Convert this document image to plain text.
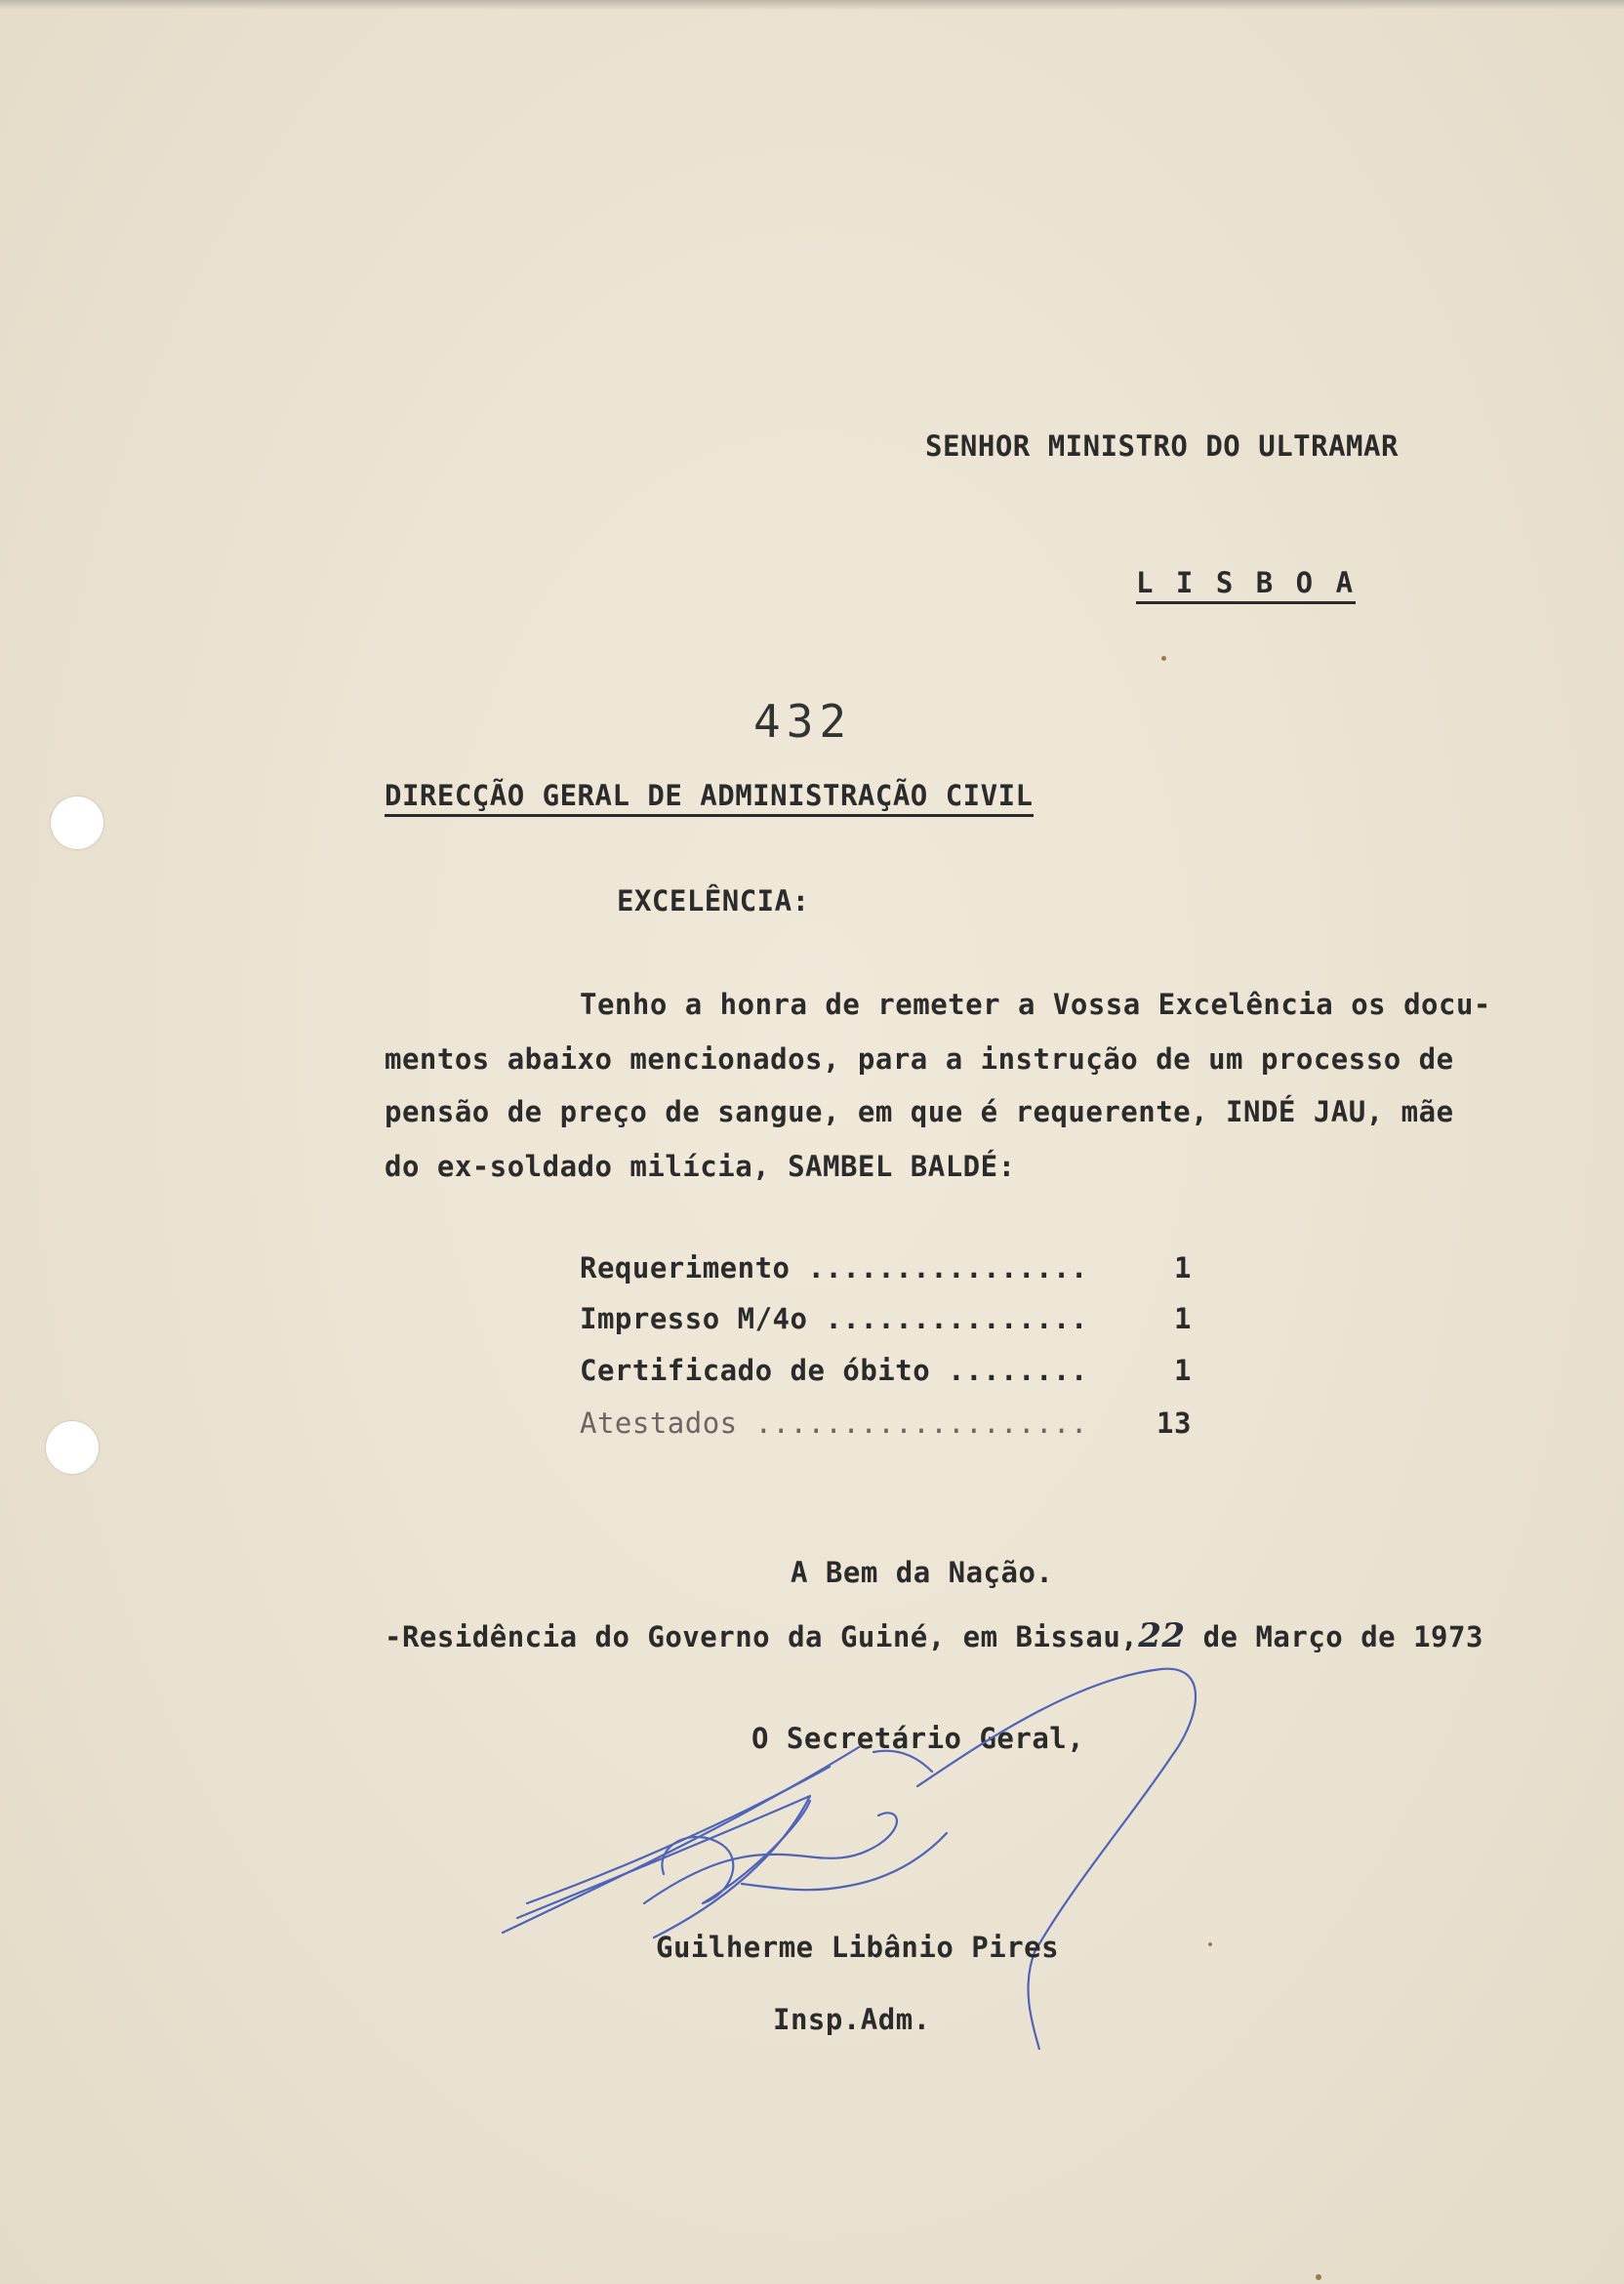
SENHOR MINISTRO DO ULTRAMAR
L I S B O A
432
DIRECÇÃO GERAL DE ADMINISTRAÇÃO CIVIL
EXCELÊNCIA:
Tenho a honra de remeter a Vossa Excelência os docu-
mentos abaixo mencionados, para a instrução de um processo de
pensão de preço de sangue, em que é requerente, INDÉ JAU, mãe
do ex-soldado milícia, SAMBEL BALDÉ:
Requerimento ................	1
Impresso M/4o ...............	1
Certificado de óbito ........	1
Atestados ................... 13
A Bem da Nação.
-Residência do Governo da Guiné, em Bissau,22 de Março de 1973
O Secretário Geral,
Guilherme Libânio Pires
Insp.Adm.
